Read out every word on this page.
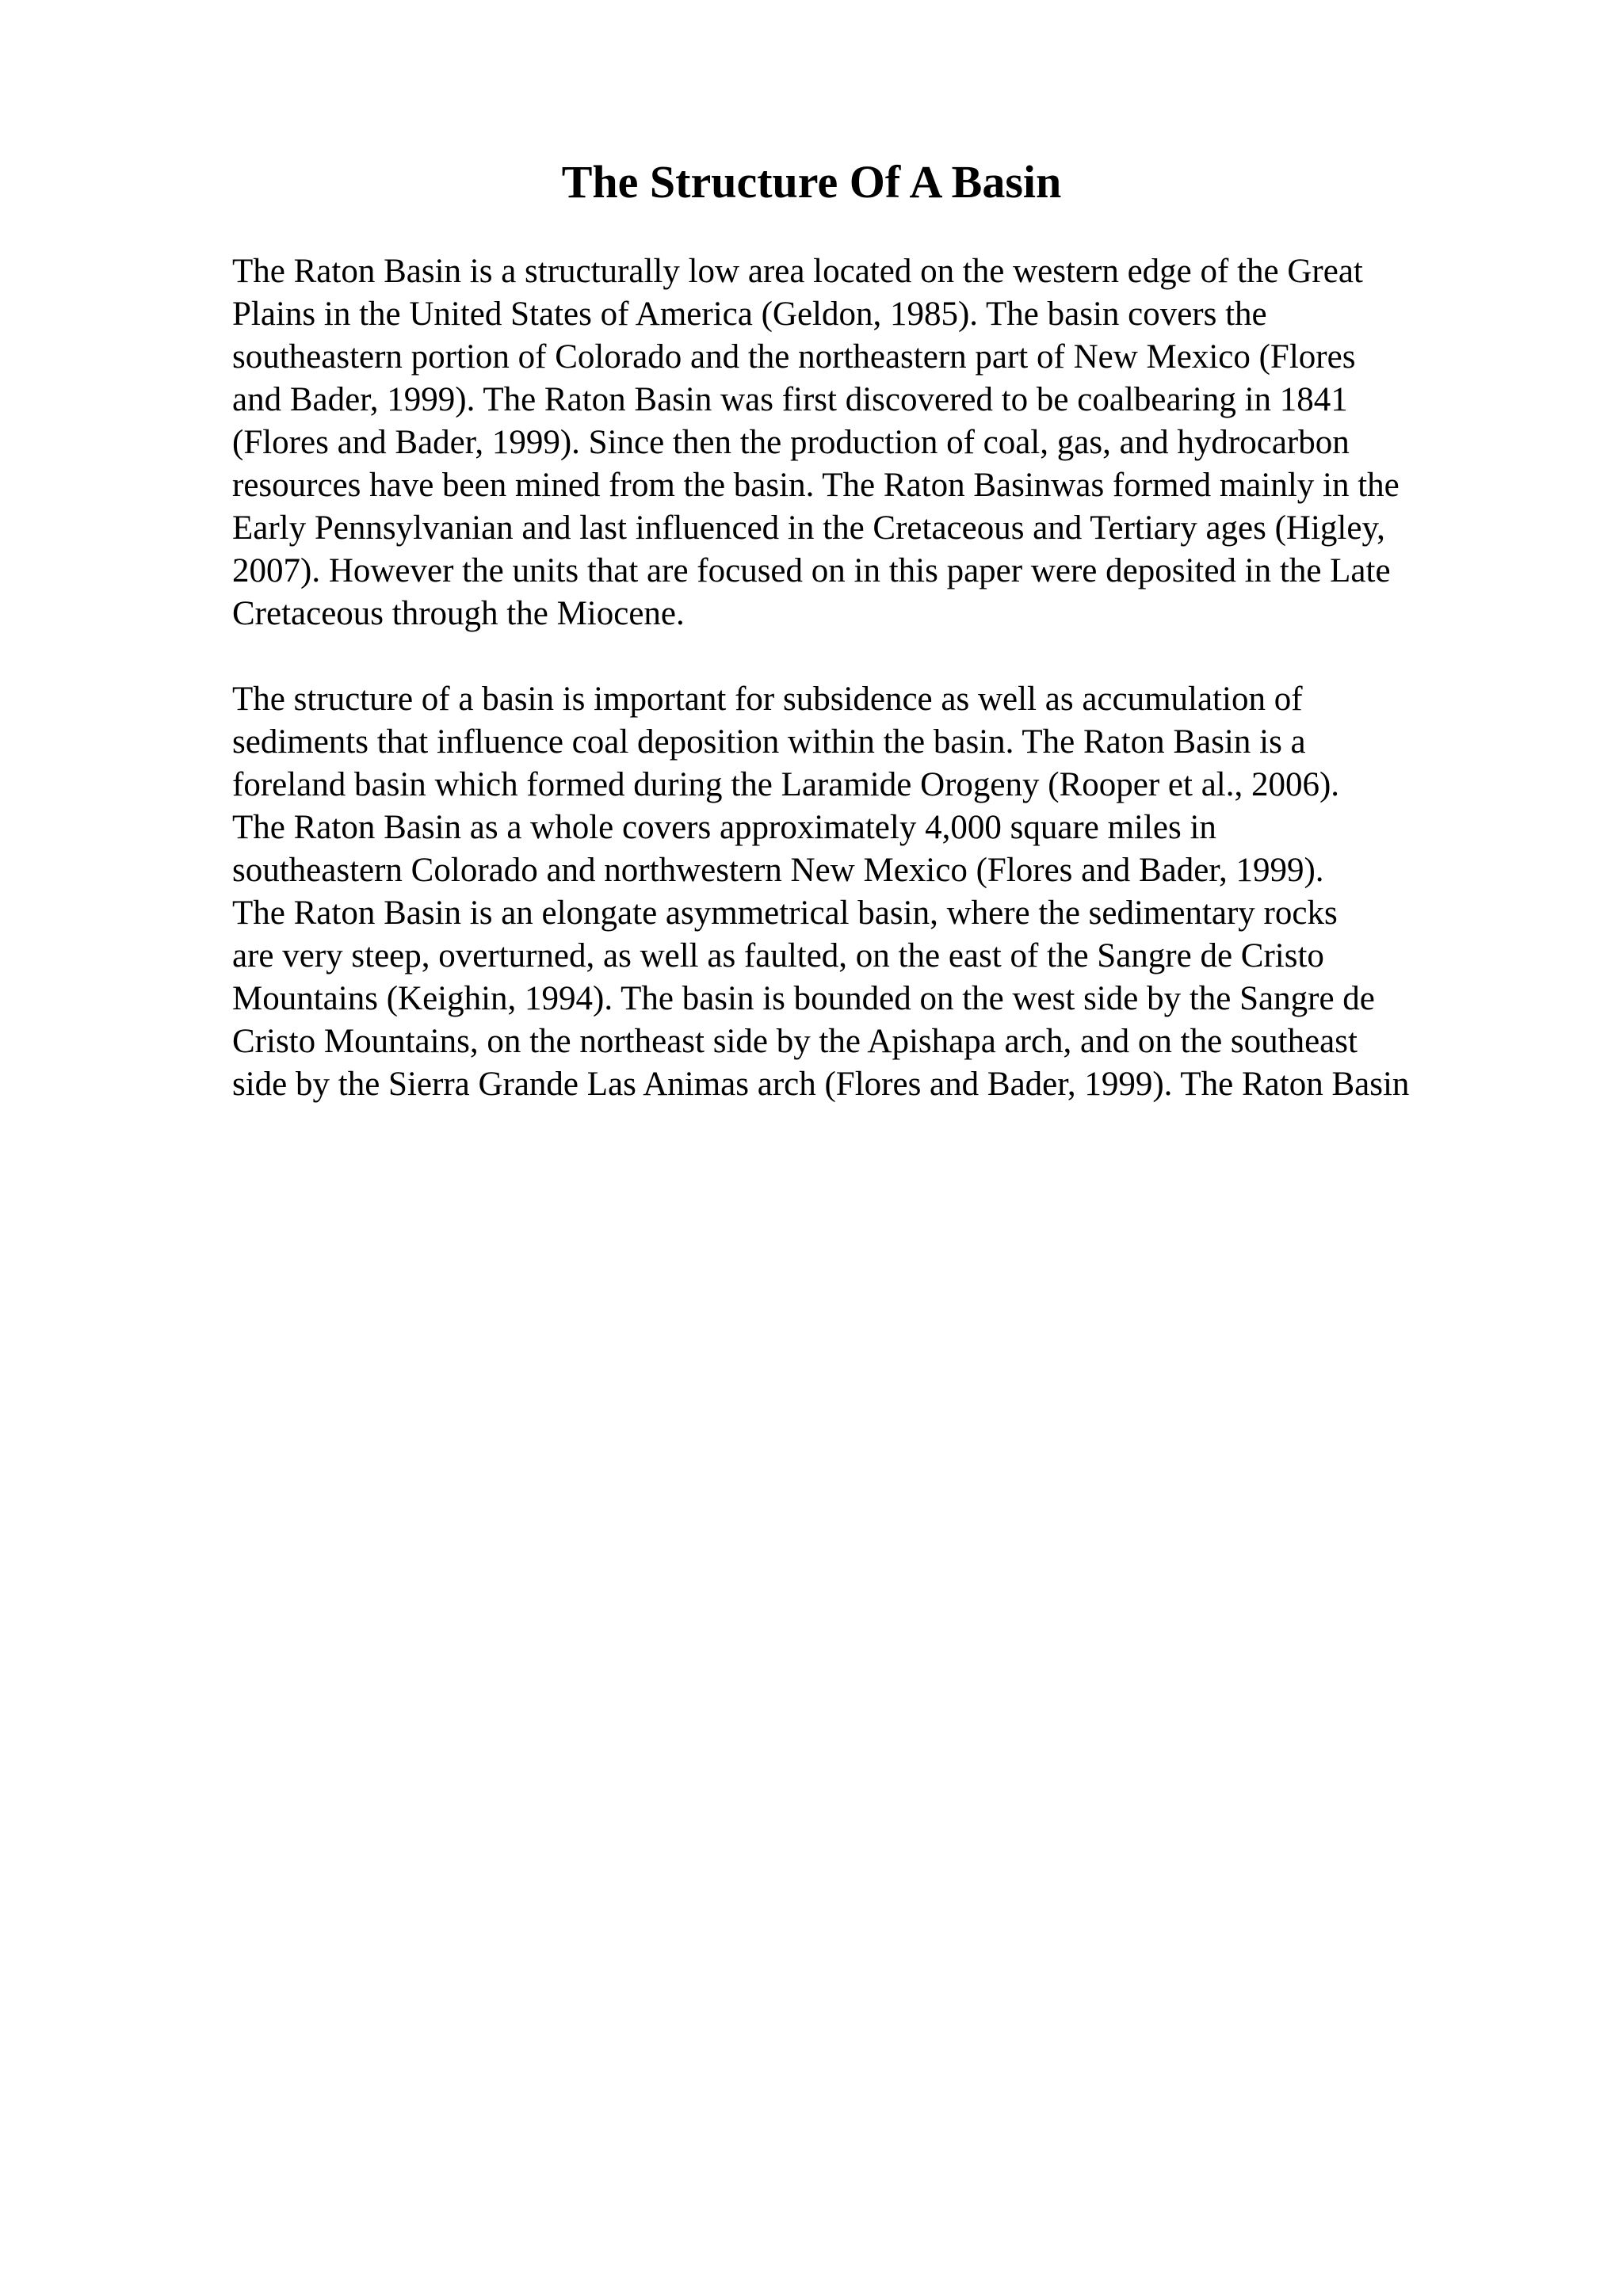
The Structure Of A Basin

The Raton Basin is a structurally low area located on the western edge of the Great

Plains in the United States of America (Geldon, 1985). The basin covers the

southeastern portion of Colorado and the northeastern part of New Mexico (Flores

and Bader, 1999). The Raton Basin was first discovered to be coalbearing in 1841

(Flores and Bader, 1999). Since then the production of coal, gas, and hydrocarbon

resources have been mined from the basin. The Raton Basinwas formed mainly in the

Early Pennsylvanian and last influenced in the Cretaceous and Tertiary ages (Higley,

2007). However the units that are focused on in this paper were deposited in the Late

Cretaceous through the Miocene.

The structure of a basin is important for subsidence as well as accumulation of

sediments that influence coal deposition within the basin. The Raton Basin is a

foreland basin which formed during the Laramide Orogeny (Rooper et al., 2006).

The Raton Basin as a whole covers approximately 4,000 square miles in

southeastern Colorado and northwestern New Mexico (Flores and Bader, 1999).

The Raton Basin is an elongate asymmetrical basin, where the sedimentary rocks

are very steep, overturned, as well as faulted, on the east of the Sangre de Cristo

Mountains (Keighin, 1994). The basin is bounded on the west side by the Sangre de

Cristo Mountains, on the northeast side by the Apishapa arch, and on the southeast

side by the Sierra Grande Las Animas arch (Flores and Bader, 1999). The Raton Basin
